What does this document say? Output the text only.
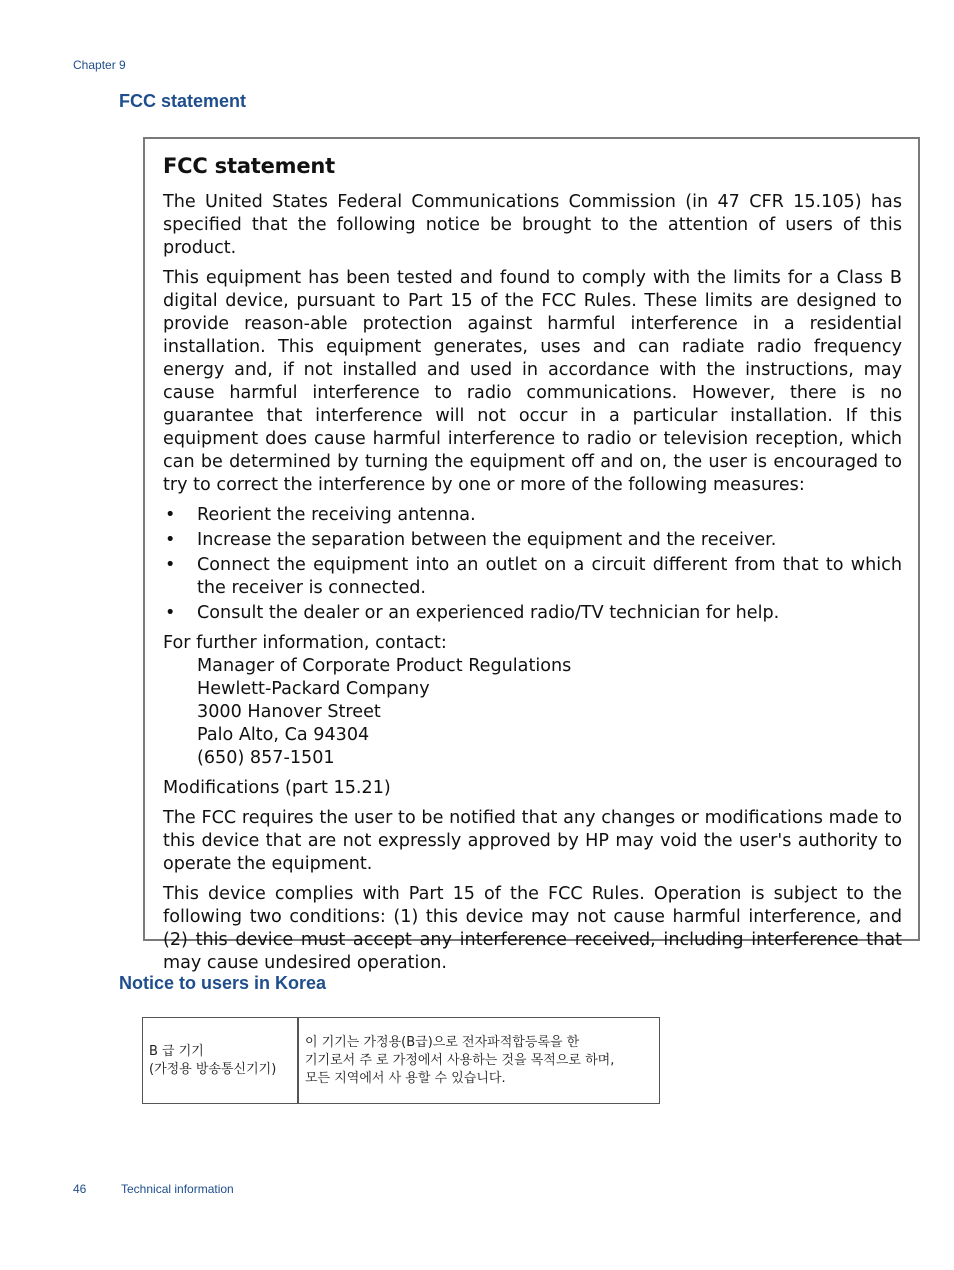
Chapter 9
FCC statement
FCC statement

The United States Federal Communications Commission (in 47 CFR 15.105) has specified that the following notice be brought to the attention of users of this product.

This equipment has been tested and found to comply with the limits for a Class B digital device, pursuant to Part 15 of the FCC Rules. These limits are designed to provide reason-able protection against harmful interference in a residential installation. This equipment generates, uses and can radiate radio frequency energy and, if not installed and used in accordance with the instructions, may cause harmful interference to radio communications. However, there is no guarantee that interference will not occur in a particular installation. If this equipment does cause harmful interference to radio or television reception, which can be determined by turning the equipment off and on, the user is encouraged to try to correct the interference by one or more of the following measures:

• Reorient the receiving antenna.
• Increase the separation between the equipment and the receiver.
• Connect the equipment into an outlet on a circuit different from that to which the receiver is connected.
• Consult the dealer or an experienced radio/TV technician for help.
For further information, contact:
Manager of Corporate Product Regulations
Hewlett-Packard Company
3000 Hanover Street
Palo Alto, Ca 94304
(650) 857-1501

Modifications (part 15.21)

The FCC requires the user to be notified that any changes or modifications made to this device that are not expressly approved by HP may void the user's authority to operate the equipment.

This device complies with Part 15 of the FCC Rules. Operation is subject to the following two conditions: (1) this device may not cause harmful interference, and (2) this device must accept any interference received, including interference that may cause undesired operation.

Notice to users in Korea
B 급 기기
(가정용 방송통신기기)

이 기기는 가정용(B급)으로 전자파적합등록을 한
기기로서 주 로 가정에서 사용하는 것을 목적으로 하며,
모든 지역에서 사 용할 수 있습니다.
46	Technical information
